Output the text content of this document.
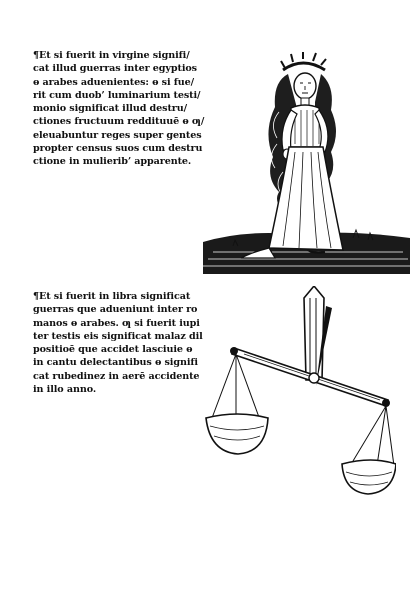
¶Et si fuerit in virgine signifi/
cat illud guerras inter egyptios
ⱺ arabes aduenientes: ⱺ si fue/
rit cum duob’ luminarium testi/
monio significat illud destru/
ctiones fructuum reddituuē ⱺ ƣ/
eleuabuntur reges super gentes
propter census suos cum destru
ctione in mulierib’ apparente.
¶Et si fuerit in libra significat
guerras que adueniunt inter ro
manos ⱺ arabes. ƣ si fuerit iupi
ter testis eis significat malaz dil
positioē que accidet lasciuie ⱺ
in cantu delectantibus ⱺ signifi
cat rubedinez in aerē accidente
in illo anno.
